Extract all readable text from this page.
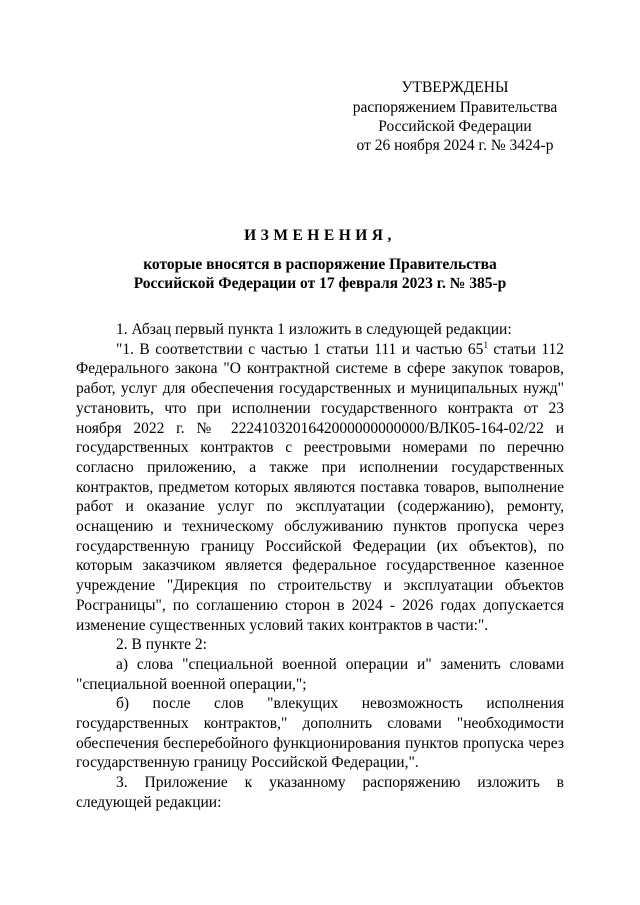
УТВЕРЖДЕНЫ
распоряжением Правительства
Российской Федерации
от 26 ноября 2024 г. № 3424-р
ИЗМЕНЕНИЯ,
которые вносятся в распоряжение Правительства
Российской Федерации от 17 февраля 2023 г. № 385-р

1. Абзац первый пункта 1 изложить в следующей редакции:

"1. В соответствии с частью 1 статьи 111 и частью $65^1$ статьи 112 Федерального закона "О контрактной системе в сфере закупок товаров, работ, услуг для обеспечения государственных и муниципальных нужд" установить, что при исполнении государственного контракта от 23 ноября 2022 г. № 2224103201642000000000000/ВЛК05-164-02/22 и государственных контрактов с реестровыми номерами по перечню согласно приложению, а также при исполнении государственных контрактов, предметом которых являются поставка товаров, выполнение работ и оказание услуг по эксплуатации (содержанию), ремонту, оснащению и техническому обслуживанию пунктов пропуска через государственную границу Российской Федерации (их объектов), по которым заказчиком является федеральное государственное казенное учреждение "Дирекция по строительству и эксплуатации объектов Росграницы", по соглашению сторон в 2024 - 2026 годах допускается изменение существенных условий таких контрактов в части:".

2. В пункте 2:

а) слова "специальной военной операции и" заменить словами "специальной военной операции,";

б) после слов "влекущих невозможность исполнения государственных контрактов," дополнить словами "необходимости обеспечения бесперебойного функционирования пунктов пропуска через государственную границу Российской Федерации,".

3. Приложение к указанному распоряжению изложить в следующей редакции:
